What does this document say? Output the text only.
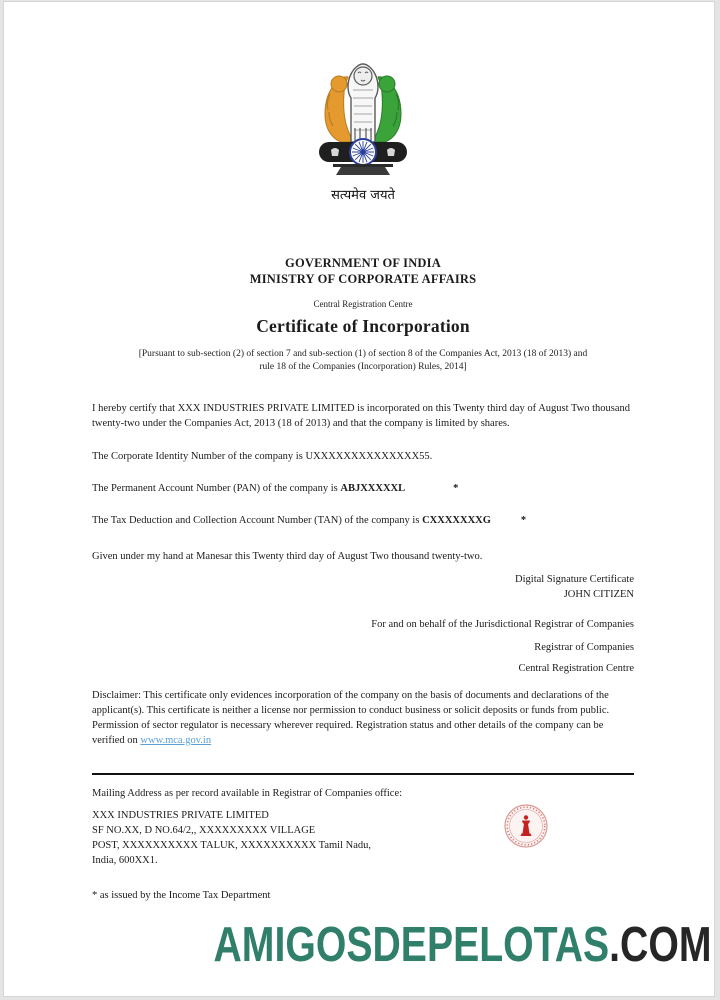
सत्यमेव जयते
GOVERNMENT OF INDIA
MINISTRY OF CORPORATE AFFAIRS
Central Registration Centre
Certificate of Incorporation
[Pursuant to sub-section (2) of section 7 and sub-section (1) of section 8 of the Companies Act, 2013 (18 of 2013) and
rule 18 of the Companies (Incorporation) Rules, 2014]
I hereby certify that XXX INDUSTRIES PRIVATE LIMITED is incorporated on this Twenty third day of August Two thousand twenty-two under the Companies Act, 2013 (18 of 2013) and that the company is limited by shares.
The Corporate Identity Number of the company is UXXXXXXXXXXXXXX55.
The Permanent Account Number (PAN) of the company is ABJXXXXXL	*
The Tax Deduction and Collection Account Number (TAN) of the company is CXXXXXXXG	*
Given under my hand at Manesar this Twenty third day of August Two thousand twenty-two.
Digital Signature Certificate
JOHN CITIZEN
For and on behalf of the Jurisdictional Registrar of Companies
Registrar of Companies
Central Registration Centre
Disclaimer: This certificate only evidences incorporation of the company on the basis of documents and declarations of the applicant(s). This certificate is neither a license nor permission to conduct business or solicit deposits or funds from public. Permission of sector regulator is necessary wherever required. Registration status and other details of the company can be verified on www.mca.gov.in
Mailing Address as per record available in Registrar of Companies office:
XXX INDUSTRIES PRIVATE LIMITED
SF NO.XX, D NO.64/2,, XXXXXXXXX VILLAGE
POST, XXXXXXXXXX TALUK, XXXXXXXXXX Tamil Nadu,
India, 600XX1.
* as issued by the Income Tax Department
AMIGOSDEPELOTAS.COM
